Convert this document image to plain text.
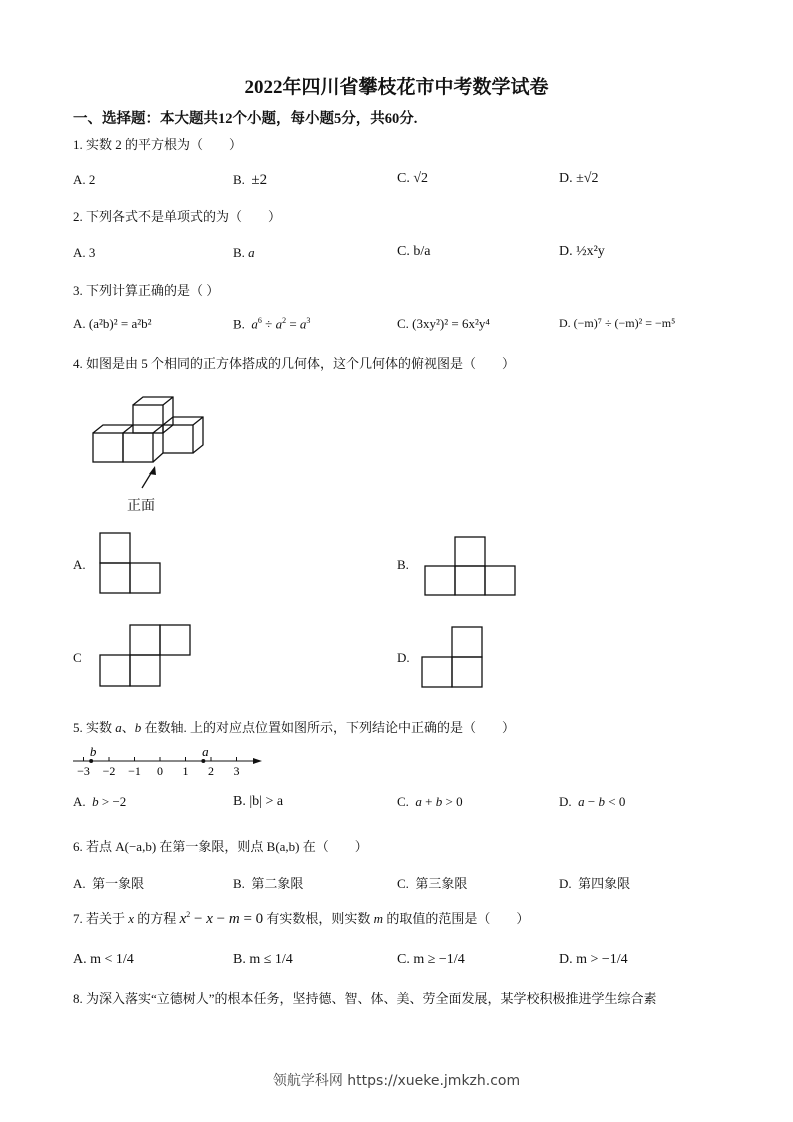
2022年四川省攀枝花市中考数学试卷
一、选择题：本大题共12个小题，每小题5分，共60分.
1. 实数 2 的平方根为（　　）
A. 2	B. ±2	C. √2	D. ±√2
2. 下列各式不是单项式的为（　　）
A. 3	B. a	C. b/a	D. ½x²y
3. 下列计算正确的是（ ）
A. (a²b)² = a²b²	B. $a^6 \div a^2 = a^3$	C. (3xy²)² = 6x²y⁴	D. (−m)⁷ ÷ (−m)² = −m⁵
4. 如图是由 5 个相同的正方体搭成的几何体，这个几何体的俯视图是（　　）
−3 −2 −1 0 1 2 3
b	a
正面
A.	B.
C	D.
5. 实数 a、b 在数轴. 上的对应点位置如图所示，下列结论中正确的是（　　）
A. b > −2	B. |b| > a	C. a + b > 0	D. a − b < 0
6. 若点 A(−a,b) 在第一象限，则点 B(a,b) 在（　　）
A. 第一象限	B. 第二象限	C. 第三象限	D. 第四象限
7. 若关于 x 的方程 $x^2 - x - m = 0$ 有实数根，则实数 m 的取值的范围是（　　）
A. m < 1/4	B. m ≤ 1/4	C. m ≥ −1/4	D. m > −1/4
8. 为深入落实“立德树人”的根本任务，坚持德、智、体、美、劳全面发展，某学校积极推进学生综合素
领航学科网 https://xueke.jmkzh.com
